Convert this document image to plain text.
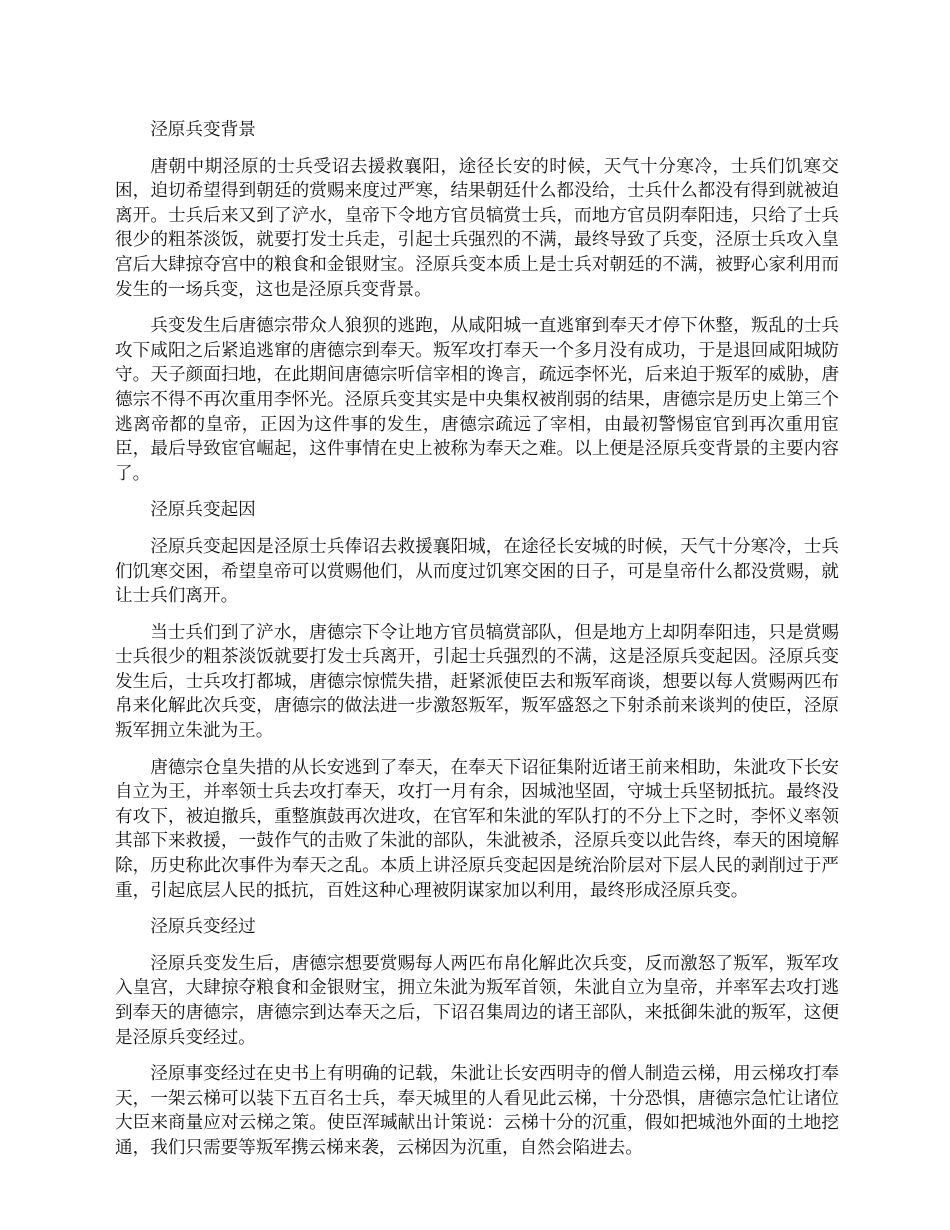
泾原兵变背景

唐朝中期泾原的士兵受诏去援救襄阳，途径长安的时候，天气十分寒冷，士兵们饥寒交困，迫切希望得到朝廷的赏赐来度过严寒，结果朝廷什么都没给，士兵什么都没有得到就被迫离开。士兵后来又到了浐水，皇帝下令地方官员犒赏士兵，而地方官员阴奉阳违，只给了士兵很少的粗茶淡饭，就要打发士兵走，引起士兵强烈的不满，最终导致了兵变，泾原士兵攻入皇宫后大肆掠夺宫中的粮食和金银财宝。泾原兵变本质上是士兵对朝廷的不满，被野心家利用而发生的一场兵变，这也是泾原兵变背景。

兵变发生后唐德宗带众人狼狈的逃跑，从咸阳城一直逃窜到奉天才停下休整，叛乱的士兵攻下咸阳之后紧追逃窜的唐德宗到奉天。叛军攻打奉天一个多月没有成功，于是退回咸阳城防守。天子颜面扫地，在此期间唐德宗听信宰相的谗言，疏远李怀光，后来迫于叛军的威胁，唐德宗不得不再次重用李怀光。泾原兵变其实是中央集权被削弱的结果，唐德宗是历史上第三个逃离帝都的皇帝，正因为这件事的发生，唐德宗疏远了宰相，由最初警惕宦官到再次重用宦臣，最后导致宦官崛起，这件事情在史上被称为奉天之难。以上便是泾原兵变背景的主要内容了。

泾原兵变起因

泾原兵变起因是泾原士兵俸诏去救援襄阳城，在途径长安城的时候，天气十分寒冷，士兵们饥寒交困，希望皇帝可以赏赐他们，从而度过饥寒交困的日子，可是皇帝什么都没赏赐，就让士兵们离开。

当士兵们到了浐水，唐德宗下令让地方官员犒赏部队，但是地方上却阴奉阳违，只是赏赐士兵很少的粗茶淡饭就要打发士兵离开，引起士兵强烈的不满，这是泾原兵变起因。泾原兵变发生后，士兵攻打都城，唐德宗惊慌失措，赶紧派使臣去和叛军商谈，想要以每人赏赐两匹布帛来化解此次兵变，唐德宗的做法进一步激怒叛军，叛军盛怒之下射杀前来谈判的使臣，泾原叛军拥立朱泚为王。

唐德宗仓皇失措的从长安逃到了奉天，在奉天下诏征集附近诸王前来相助，朱泚攻下长安自立为王，并率领士兵去攻打奉天，攻打一月有余，因城池坚固，守城士兵坚韧抵抗。最终没有攻下，被迫撤兵，重整旗鼓再次进攻，在官军和朱泚的军队打的不分上下之时，李怀义率领其部下来救援，一鼓作气的击败了朱泚的部队，朱泚被杀，泾原兵变以此告终，奉天的困境解除，历史称此次事件为奉天之乱。本质上讲泾原兵变起因是统治阶层对下层人民的剥削过于严重，引起底层人民的抵抗，百姓这种心理被阴谋家加以利用，最终形成泾原兵变。

泾原兵变经过

泾原兵变发生后，唐德宗想要赏赐每人两匹布帛化解此次兵变，反而激怒了叛军，叛军攻入皇宫，大肆掠夺粮食和金银财宝，拥立朱泚为叛军首领，朱泚自立为皇帝，并率军去攻打逃到奉天的唐德宗，唐德宗到达奉天之后，下诏召集周边的诸王部队，来抵御朱泚的叛军，这便是泾原兵变经过。

泾原事变经过在史书上有明确的记载，朱泚让长安西明寺的僧人制造云梯，用云梯攻打奉天，一架云梯可以装下五百名士兵，奉天城里的人看见此云梯，十分恐惧，唐德宗急忙让诸位大臣来商量应对云梯之策。使臣浑瑊献出计策说：云梯十分的沉重，假如把城池外面的土地挖通，我们只需要等叛军携云梯来袭，云梯因为沉重，自然会陷进去。
